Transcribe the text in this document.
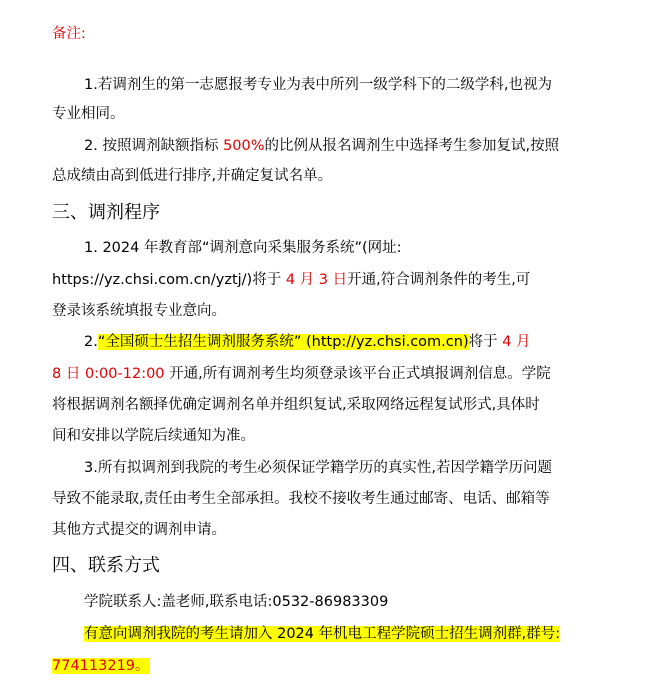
备注:
1.若调剂生的第一志愿报考专业为表中所列一级学科下的二级学科,也视为
专业相同。
2. 按照调剂缺额指标 500%的比例从报名调剂生中选择考生参加复试,按照
总成绩由高到低进行排序,并确定复试名单。
三、调剂程序
1. 2024 年教育部“调剂意向采集服务系统”(网址:
https://yz.chsi.com.cn/yztj/)将于 4 月 3 日开通,符合调剂条件的考生,可
登录该系统填报专业意向。
2.“全国硕士生招生调剂服务系统” (http://yz.chsi.com.cn)将于 4 月
8 日 0:00-12:00 开通,所有调剂考生均须登录该平台正式填报调剂信息。学院
将根据调剂名额择优确定调剂名单并组织复试,采取网络远程复试形式,具体时
间和安排以学院后续通知为准。
3.所有拟调剂到我院的考生必须保证学籍学历的真实性,若因学籍学历问题
导致不能录取,责任由考生全部承担。我校不接收考生通过邮寄、电话、邮箱等
其他方式提交的调剂申请。
四、联系方式
学院联系人:盖老师,联系电话:0532-86983309
有意向调剂我院的考生请加入 2024 年机电工程学院硕士招生调剂群,群号:
774113219。
